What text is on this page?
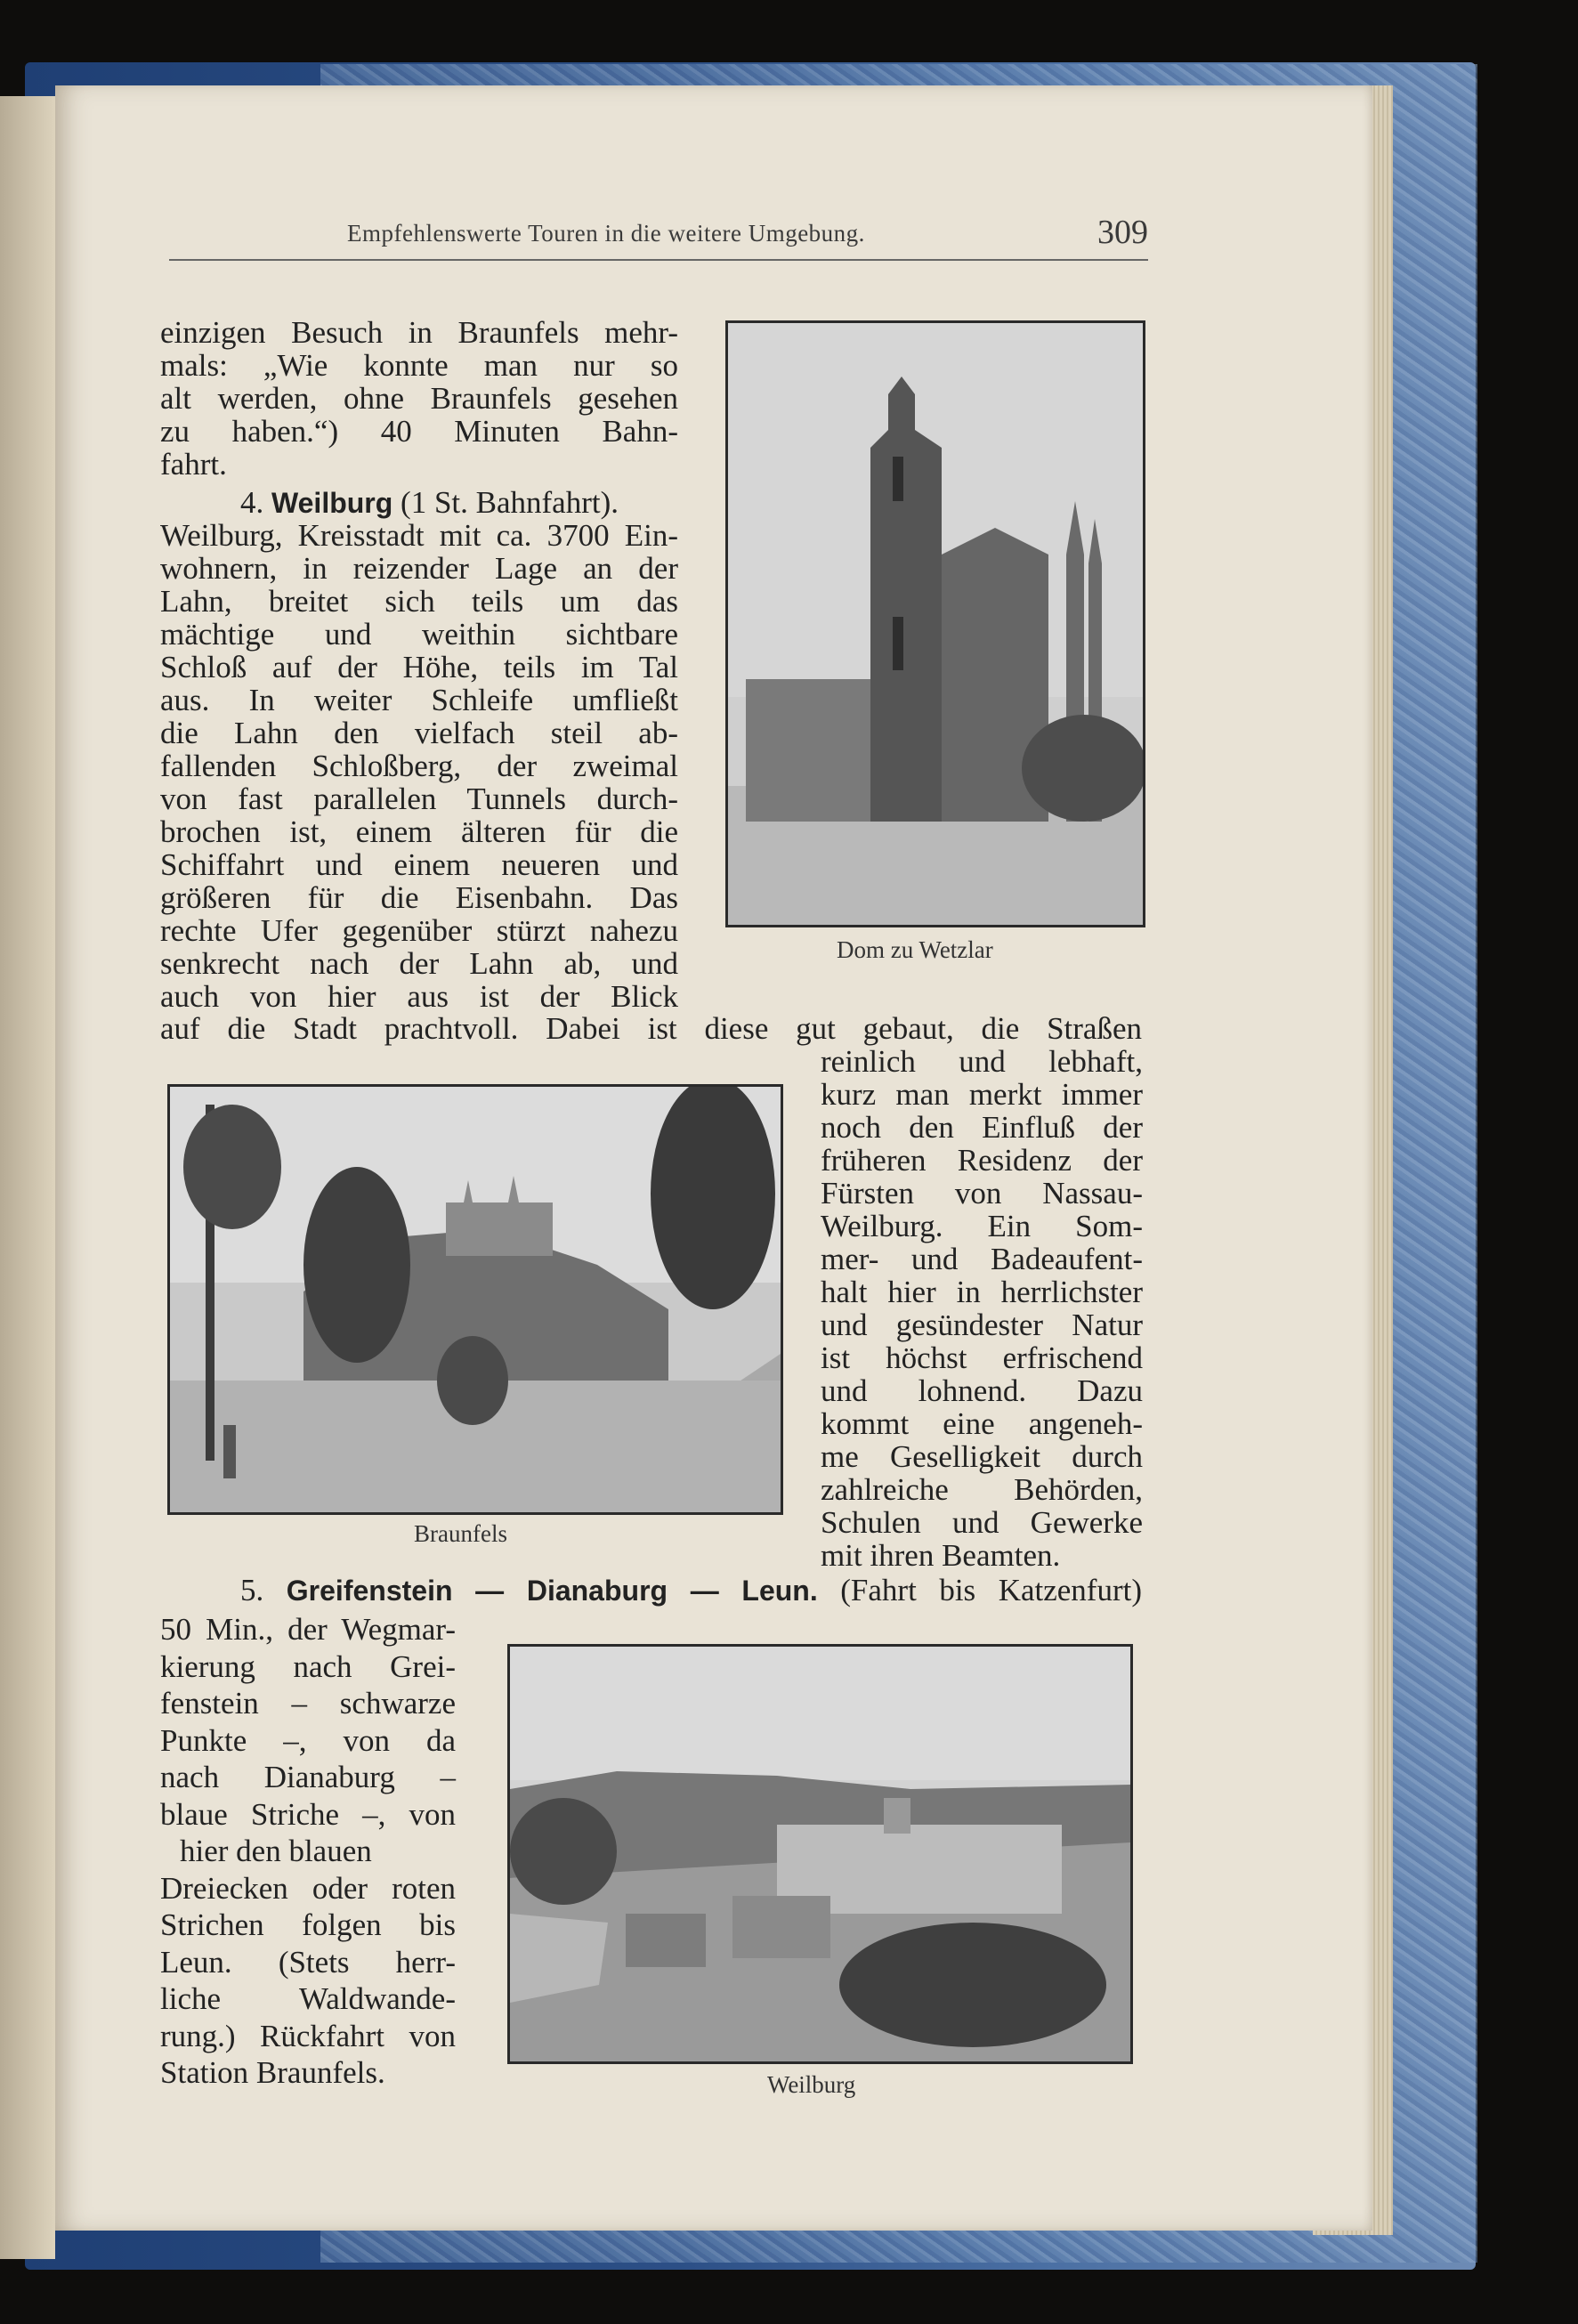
Empfehlenswerte Touren in die weitere Umgebung.	309
einzigen Besuch in Braunfels mehr-
mals: „Wie konnte man nur so
alt werden, ohne Braunfels gesehen
zu haben.“) 40 Minuten Bahn-
fahrt.
4. Weilburg (1 St. Bahnfahrt).
Weilburg, Kreisstadt mit ca. 3700 Ein-
wohnern, in reizender Lage an der
Lahn, breitet sich teils um das
mächtige und weithin sichtbare
Schloß auf der Höhe, teils im Tal
aus. In weiter Schleife umfließt
die Lahn den vielfach steil ab-
fallenden Schloßberg, der zweimal
von fast parallelen Tunnels durch-
brochen ist, einem älteren für die
Schiffahrt und einem neueren und
größeren für die Eisenbahn. Das
rechte Ufer gegenüber stürzt nahezu
senkrecht nach der Lahn ab, und
auch von hier aus ist der Blick
Dom zu Wetzlar
auf die Stadt prachtvoll. Dabei ist diese gut gebaut, die Straßen
Braunfels
reinlich und lebhaft,
kurz man merkt immer
noch den Einfluß der
früheren Residenz der
Fürsten von Nassau-
Weilburg. Ein Som-
mer- und Badeaufent-
halt hier in herrlichster
und gesündester Natur
ist höchst erfrischend
und lohnend. Dazu
kommt eine angeneh-
me Geselligkeit durch
zahlreiche Behörden,
Schulen und Gewerke
mit ihren Beamten.
5. Greifenstein — Dianaburg — Leun. (Fahrt bis Katzenfurt)
50 Min., der Wegmar-
kierung nach Grei-
fenstein – schwarze
Punkte –, von da
nach Dianaburg –
blaue Striche –, von
hier den blauen
Dreiecken oder roten
Strichen folgen bis
Leun. (Stets herr-
liche Waldwande-
rung.) Rückfahrt von
Station Braunfels.	Weilburg
